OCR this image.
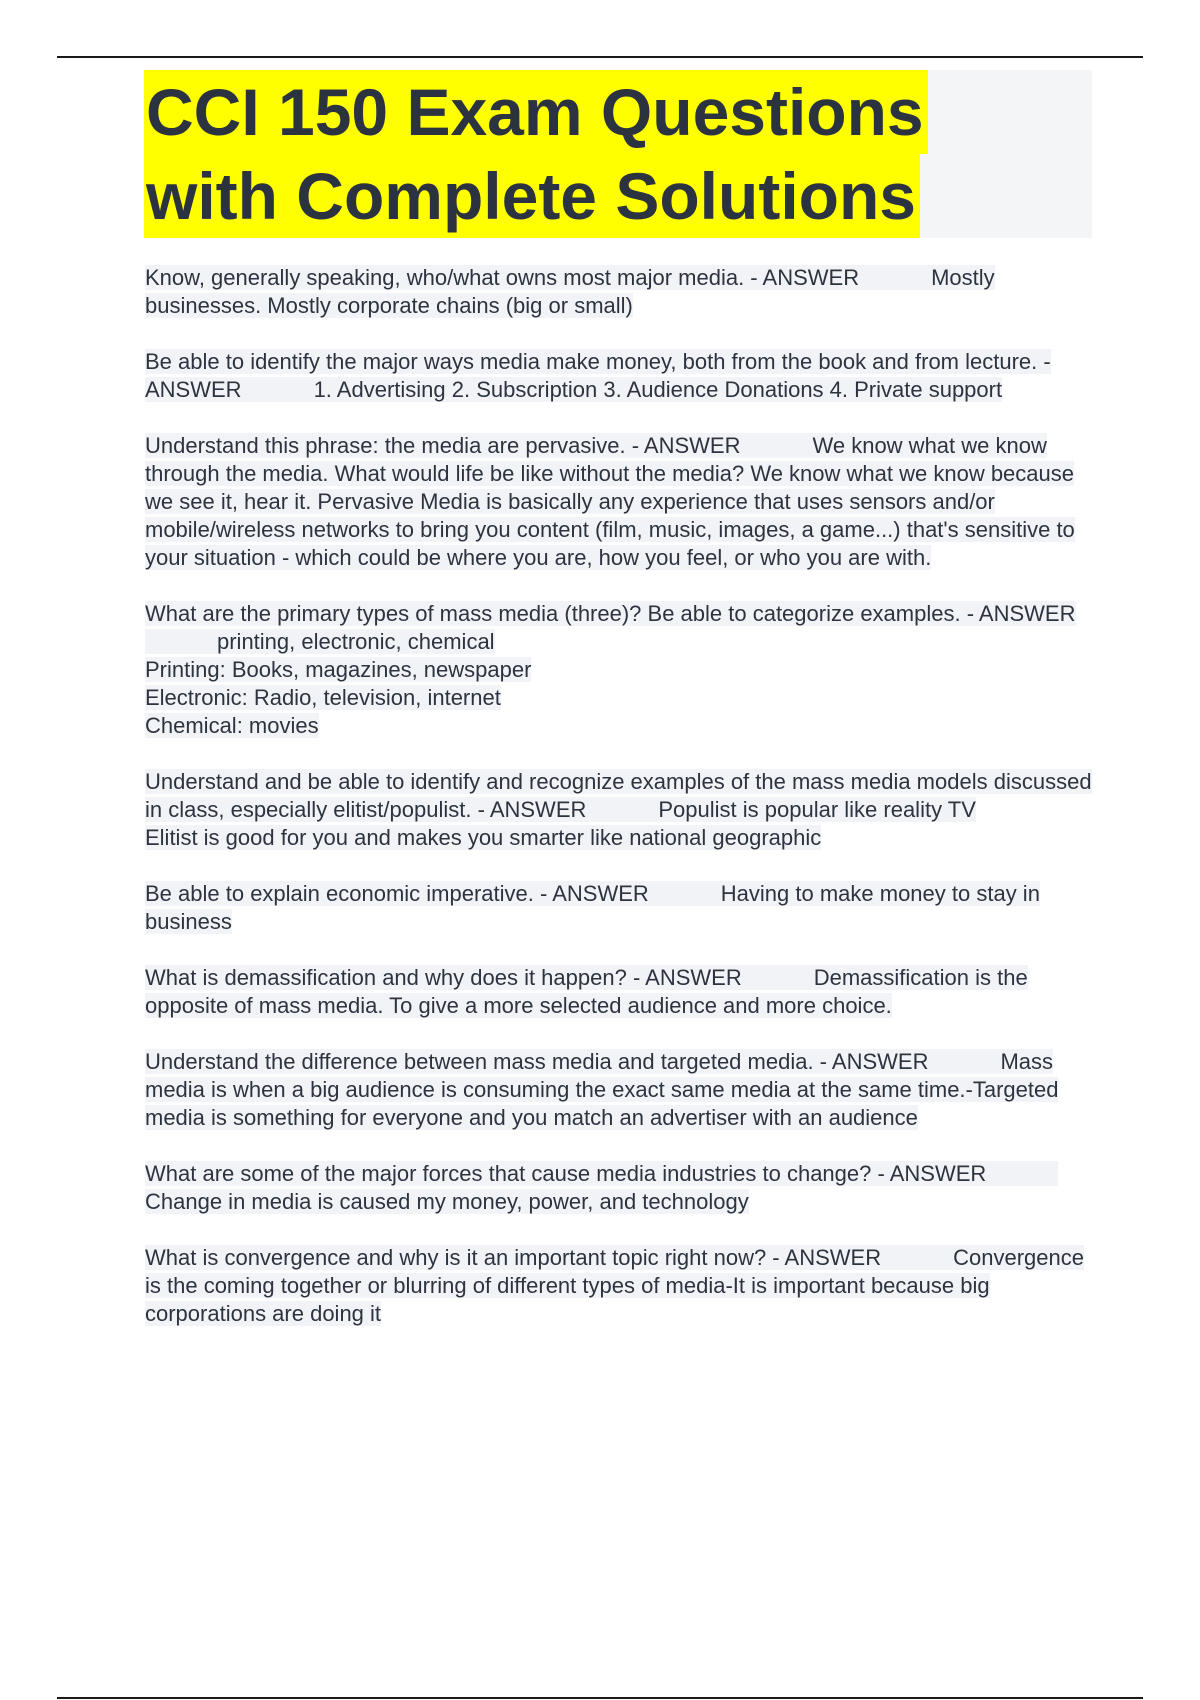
CCI 150 Exam Questions
with Complete Solutions
Know, generally speaking, who/what owns most major media. - ANSWER	Mostly businesses. Mostly corporate chains (big or small)
Be able to identify the major ways media make money, both from the book and from lecture. - ANSWER	1. Advertising 2. Subscription 3. Audience Donations 4. Private support
Understand this phrase: the media are pervasive. - ANSWER	We know what we know through the media. What would life be like without the media? We know what we know because we see it, hear it. Pervasive Media is basically any experience that uses sensors and/or mobile/wireless networks to bring you content (film, music, images, a game...) that's sensitive to your situation - which could be where you are, how you feel, or who you are with.
What are the primary types of mass media (three)? Be able to categorize examples. - ANSWERprinting, electronic, chemical
Printing: Books, magazines, newspaper
Electronic: Radio, television, internet
Chemical: movies
Understand and be able to identify and recognize examples of the mass media models discussed in class, especially elitist/populist. - ANSWER	Populist is popular like reality TV
Elitist is good for you and makes you smarter like national geographic
Be able to explain economic imperative. - ANSWER	Having to make money to stay in business
What is demassification and why does it happen? - ANSWER	Demassification is the opposite of mass media. To give a more selected audience and more choice.
Understand the difference between mass media and targeted media. - ANSWER	Mass media is when a big audience is consuming the exact same media at the same time.-Targeted media is something for everyone and you match an advertiser with an audience
What are some of the major forces that cause media industries to change? - ANSWERChange in media is caused my money, power, and technology
What is convergence and why is it an important topic right now? - ANSWER	Convergence is the coming together or blurring of different types of media-It is important because big corporations are doing it
